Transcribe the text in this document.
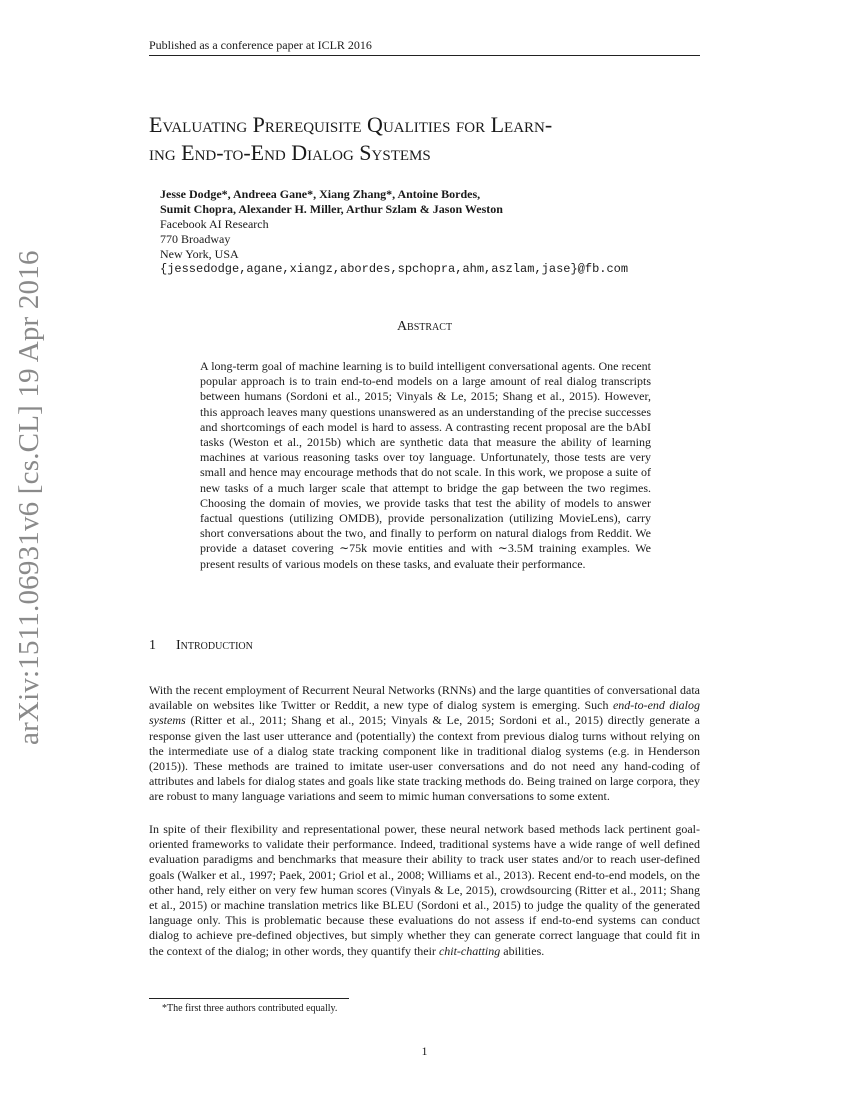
Published as a conference paper at ICLR 2016
arXiv:1511.06931v6 [cs.CL] 19 Apr 2016
Evaluating Prerequisite Qualities for Learn-
ing End-to-End Dialog Systems
Jesse Dodge*, Andreea Gane*, Xiang Zhang*, Antoine Bordes,
Sumit Chopra, Alexander H. Miller, Arthur Szlam & Jason Weston
Facebook AI Research
770 Broadway
New York, USA
{jessedodge,agane,xiangz,abordes,spchopra,ahm,aszlam,jase}@fb.com
Abstract

A long-term goal of machine learning is to build intelligent conversational agents. One recent popular approach is to train end-to-end models on a large amount of real dialog transcripts between humans (Sordoni et al., 2015; Vinyals & Le, 2015; Shang et al., 2015). However, this approach leaves many questions unanswered as an understanding of the precise successes and shortcomings of each model is hard to assess. A contrasting recent proposal are the bAbI tasks (Weston et al., 2015b) which are synthetic data that measure the ability of learning machines at various reasoning tasks over toy language. Unfortunately, those tests are very small and hence may encourage methods that do not scale. In this work, we propose a suite of new tasks of a much larger scale that attempt to bridge the gap between the two regimes. Choosing the domain of movies, we provide tasks that test the ability of models to answer factual questions (utilizing OMDB), provide personalization (utilizing MovieLens), carry short conversations about the two, and finally to perform on natural dialogs from Reddit. We provide a dataset covering ∼75k movie entities and with ∼3.5M training examples. We present results of various models on these tasks, and evaluate their performance.

1 Introduction

With the recent employment of Recurrent Neural Networks (RNNs) and the large quantities of conversational data available on websites like Twitter or Reddit, a new type of dialog system is emerging. Such end-to-end dialog systems (Ritter et al., 2011; Shang et al., 2015; Vinyals & Le, 2015; Sordoni et al., 2015) directly generate a response given the last user utterance and (potentially) the context from previous dialog turns without relying on the intermediate use of a dialog state tracking component like in traditional dialog systems (e.g. in Henderson (2015)). These methods are trained to imitate user-user conversations and do not need any hand-coding of attributes and labels for dialog states and goals like state tracking methods do. Being trained on large corpora, they are robust to many language variations and seem to mimic human conversations to some extent.

In spite of their flexibility and representational power, these neural network based methods lack pertinent goal-oriented frameworks to validate their performance. Indeed, traditional systems have a wide range of well defined evaluation paradigms and benchmarks that measure their ability to track user states and/or to reach user-defined goals (Walker et al., 1997; Paek, 2001; Griol et al., 2008; Williams et al., 2013). Recent end-to-end models, on the other hand, rely either on very few human scores (Vinyals & Le, 2015), crowdsourcing (Ritter et al., 2011; Shang et al., 2015) or machine translation metrics like BLEU (Sordoni et al., 2015) to judge the quality of the generated language only. This is problematic because these evaluations do not assess if end-to-end systems can conduct dialog to achieve pre-defined objectives, but simply whether they can generate correct language that could fit in the context of the dialog; in other words, they quantify their chit-chatting abilities.

*The first three authors contributed equally.
1
